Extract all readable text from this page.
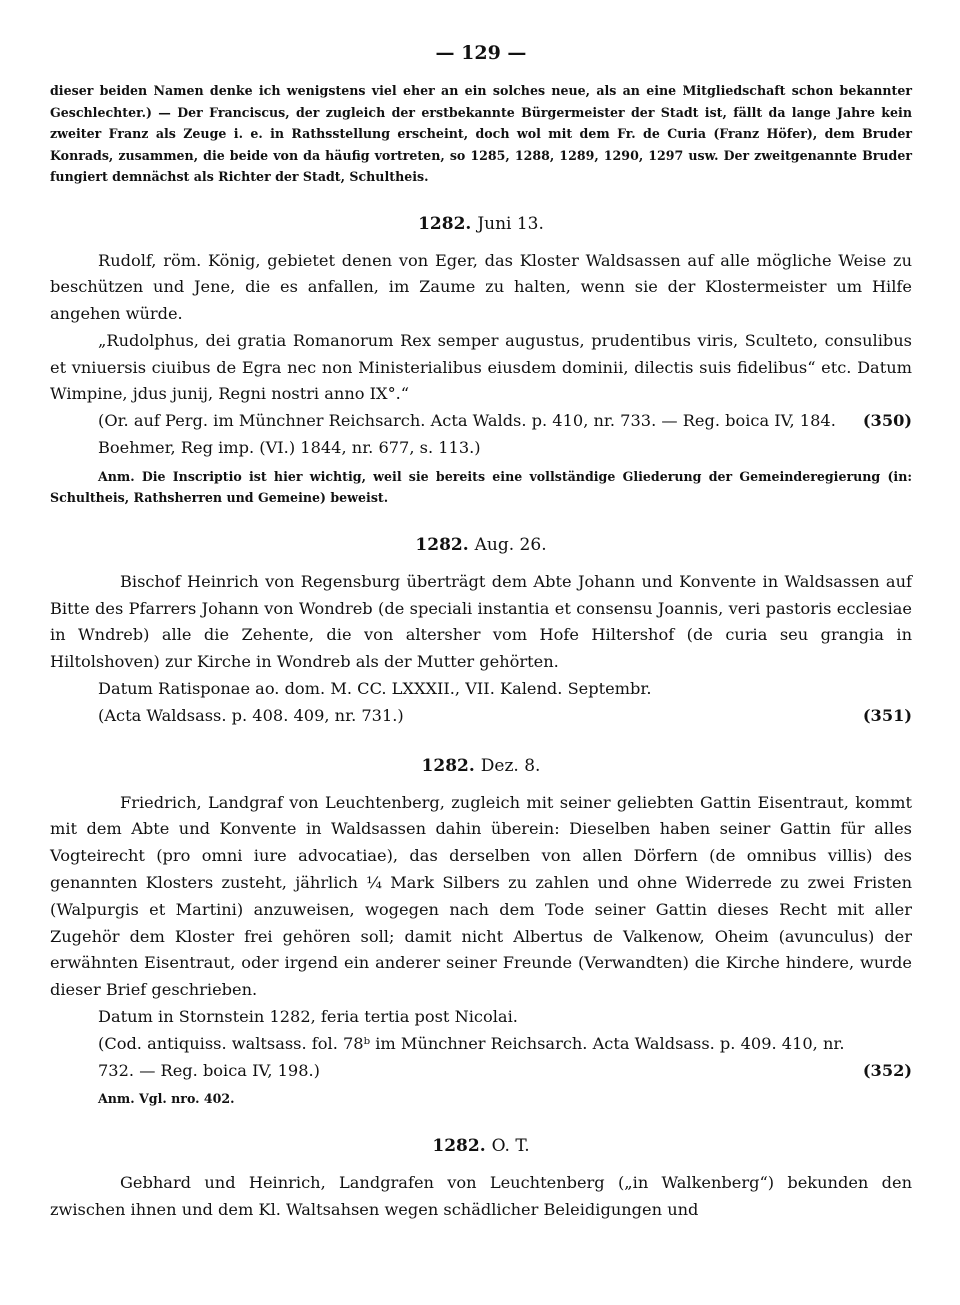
— 129 —

dieser beiden Namen denke ich wenigstens viel eher an ein solches neue, als an eine Mitgliedschaft schon bekannter Geschlechter.) — Der Franciscus, der zugleich der erstbekannte Bürgermeister der Stadt ist, fällt da lange Jahre kein zweiter Franz als Zeuge i. e. in Rathsstellung erscheint, doch wol mit dem Fr. de Curia (Franz Höfer), dem Bruder Konrads, zusammen, die beide von da häufig vortreten, so 1285, 1288, 1289, 1290, 1297 usw. Der zweitgenannte Bruder fungiert demnächst als Richter der Stadt, Schultheis.

1282. Juni 13.

Rudolf, röm. König, gebietet denen von Eger, das Kloster Waldsassen auf alle mögliche Weise zu beschützen und Jene, die es anfallen, im Zaume zu halten, wenn sie der Klostermeister um Hilfe angehen würde.

„Rudolphus, dei gratia Romanorum Rex semper augustus, prudentibus viris, Sculteto, consulibus et vniuersis ciuibus de Egra nec non Ministerialibus eiusdem dominii, dilectis suis fidelibus“ etc. Datum Wimpine, jdus junij, Regni nostri anno IX°.“

(Or. auf Perg. im Münchner Reichsarch. Acta Walds. p. 410, nr. 733. — Reg. boica IV, 184. Boehmer, Reg imp. (VI.) 1844, nr. 677, s. 113.)
(350)

Anm. Die Inscriptio ist hier wichtig, weil sie bereits eine vollständige Gliederung der Gemeinderegierung (in: Schultheis, Rathsherren und Gemeine) beweist.

1282. Aug. 26.

Bischof Heinrich von Regensburg überträgt dem Abte Johann und Konvente in Waldsassen auf Bitte des Pfarrers Johann von Wondreb (de speciali instantia et consensu Joannis, veri pastoris ecclesiae in Wndreb) alle die Zehente, die von altersher vom Hofe Hiltershof (de curia seu grangia in Hiltolshoven) zur Kirche in Wondreb als der Mutter gehörten.

Datum Ratisponae ao. dom. M. CC. LXXXII., VII. Kalend. Septembr.

(Acta Waldsass. p. 408. 409, nr. 731.)	(351)
1282. Dez. 8.

Friedrich, Landgraf von Leuchtenberg, zugleich mit seiner geliebten Gattin Eisentraut, kommt mit dem Abte und Konvente in Waldsassen dahin überein: Dieselben haben seiner Gattin für alles Vogteirecht (pro omni iure advocatiae), das derselben von allen Dörfern (de omnibus villis) des genannten Klosters zusteht, jährlich ¼ Mark Silbers zu zahlen und ohne Widerrede zu zwei Fristen (Walpurgis et Martini) anzuweisen, wogegen nach dem Tode seiner Gattin dieses Recht mit aller Zugehör dem Kloster frei gehören soll; damit nicht Albertus de Valkenow, Oheim (avunculus) der erwähnten Eisentraut, oder irgend ein anderer seiner Freunde (Verwandten) die Kirche hindere, wurde dieser Brief geschrieben.

Datum in Stornstein 1282, feria tertia post Nicolai.

(Cod. antiquiss. waltsass. fol. 78ᵇ im Münchner Reichsarch. Acta Waldsass. p. 409. 410, nr. 732. — Reg. boica IV, 198.)	(352)

Anm. Vgl. nro. 402.

1282. O. T.

Gebhard und Heinrich, Landgrafen von Leuchtenberg („in Walkenberg“) bekunden den zwischen ihnen und dem Kl. Waltsahsen wegen schädlicher Beleidigungen und
